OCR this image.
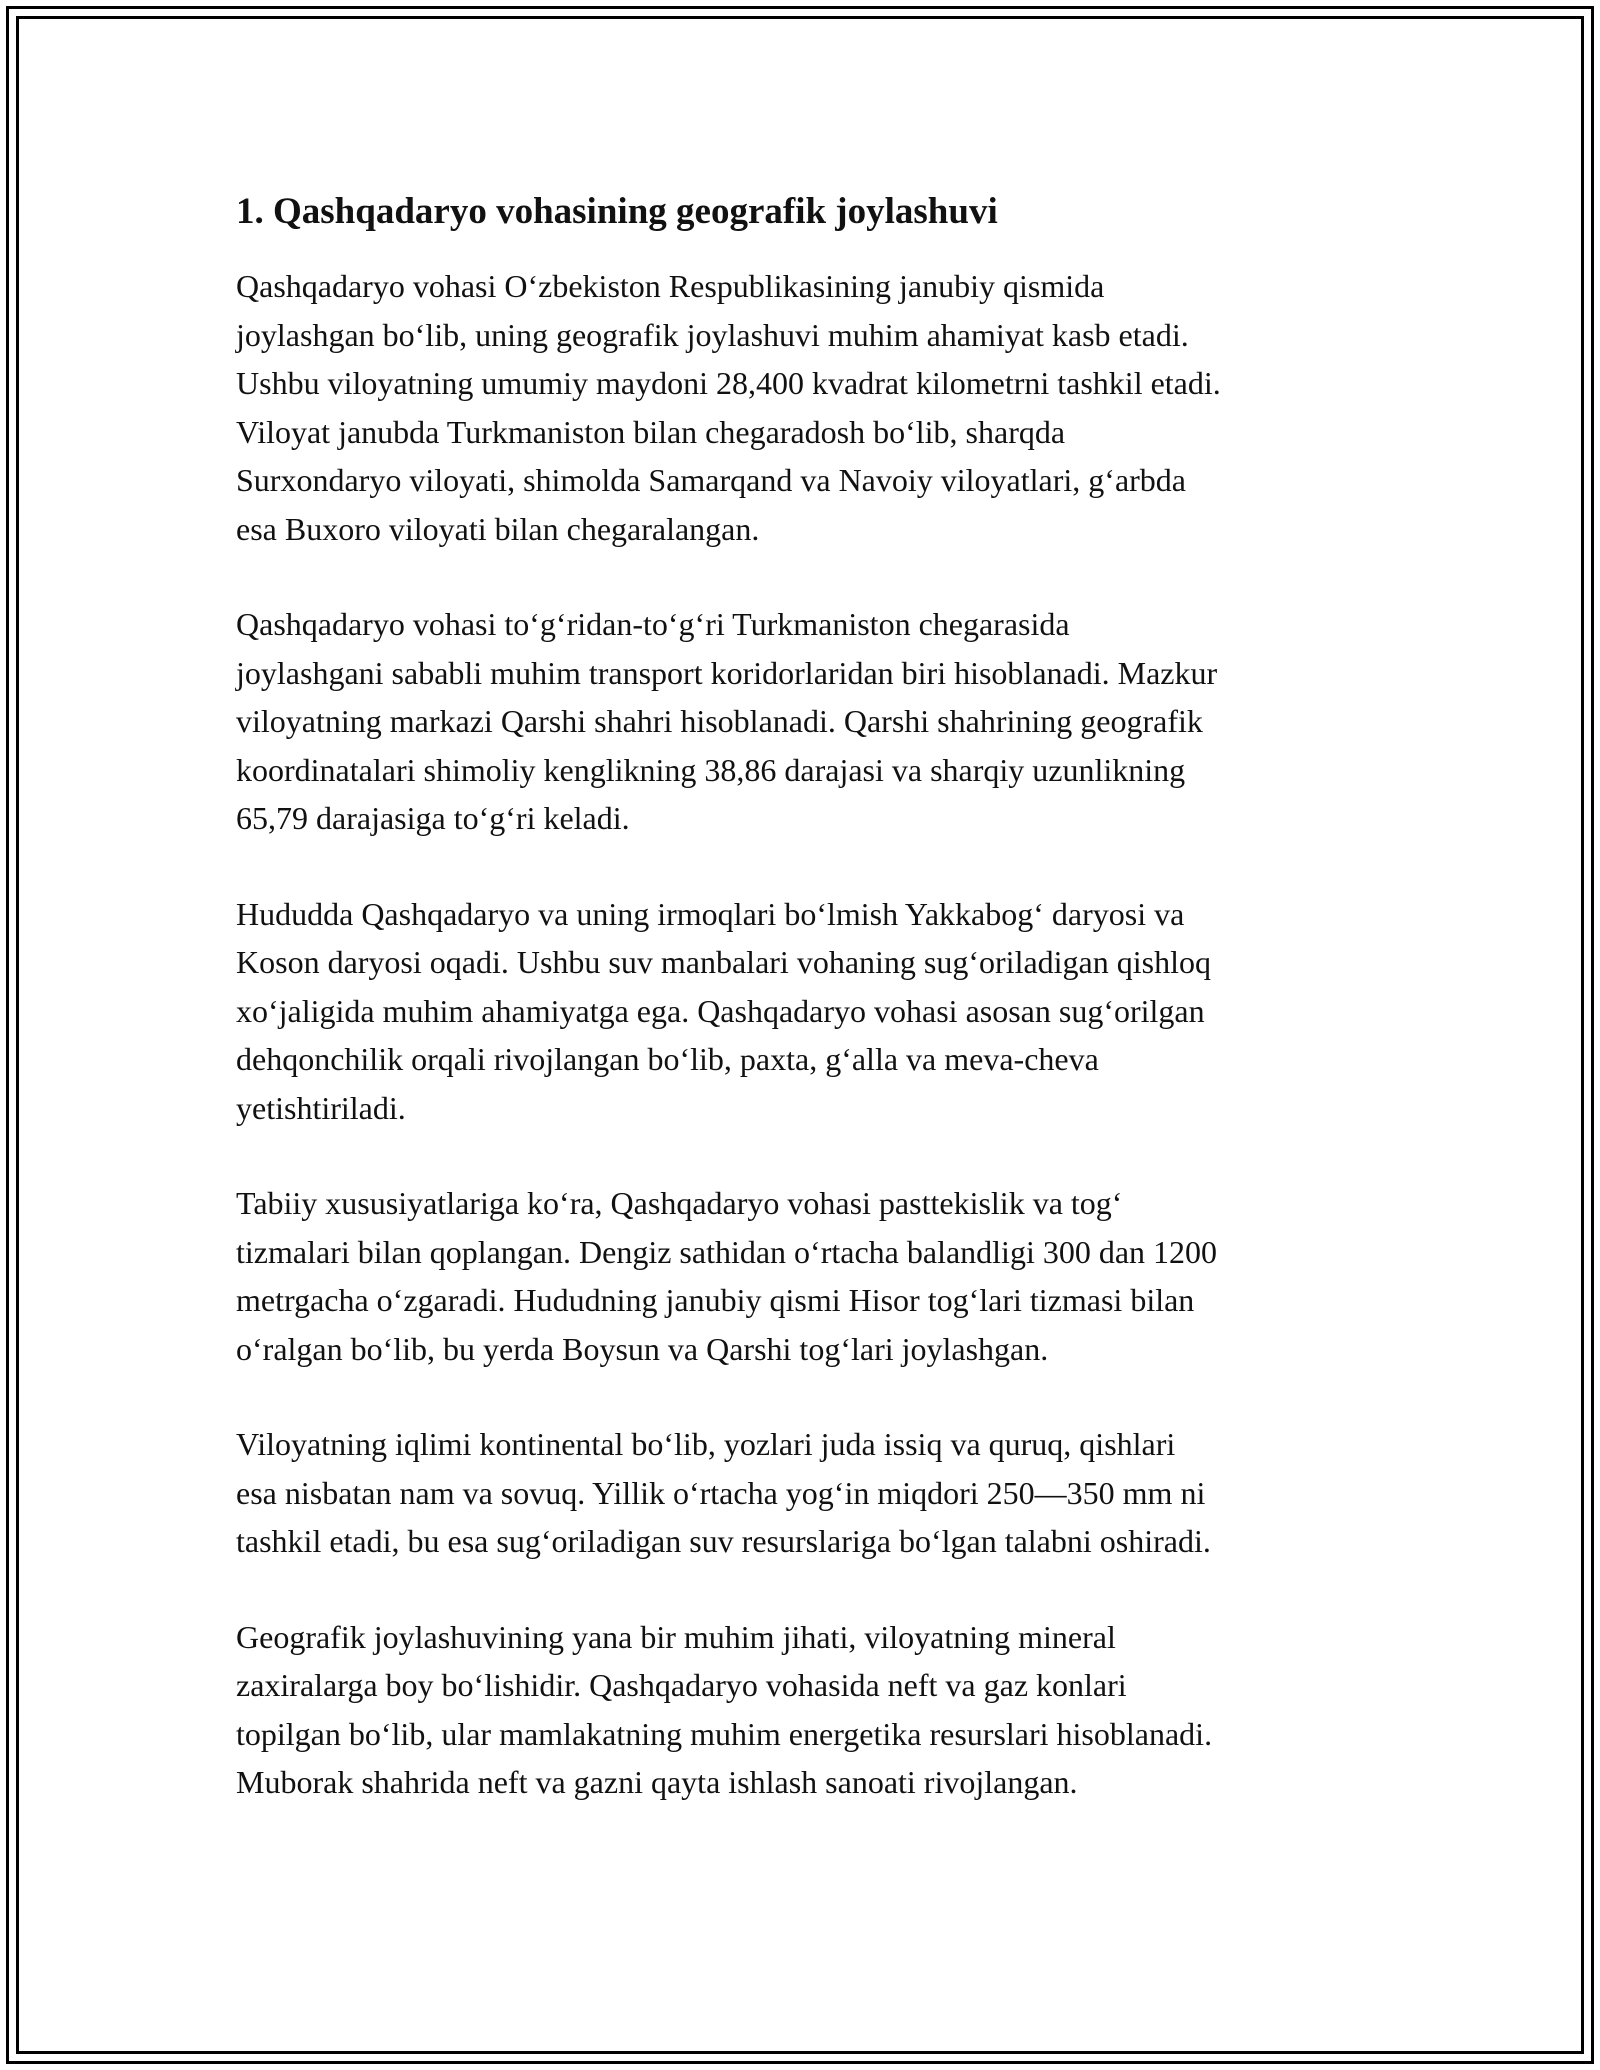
1. Qashqadaryo vohasining geografik joylashuvi

Qashqadaryo vohasi O‘zbekiston Respublikasining janubiy qismida
joylashgan bo‘lib, uning geografik joylashuvi muhim ahamiyat kasb etadi.
Ushbu viloyatning umumiy maydoni 28,400 kvadrat kilometrni tashkil etadi.
Viloyat janubda Turkmaniston bilan chegaradosh bo‘lib, sharqda
Surxondaryo viloyati, shimolda Samarqand va Navoiy viloyatlari, g‘arbda
esa Buxoro viloyati bilan chegaralangan.

Qashqadaryo vohasi to‘g‘ridan-to‘g‘ri Turkmaniston chegarasida
joylashgani sababli muhim transport koridorlaridan biri hisoblanadi. Mazkur
viloyatning markazi Qarshi shahri hisoblanadi. Qarshi shahrining geografik
koordinatalari shimoliy kenglikning 38,86 darajasi va sharqiy uzunlikning
65,79 darajasiga to‘g‘ri keladi.

Hududda Qashqadaryo va uning irmoqlari bo‘lmish Yakkabog‘ daryosi va
Koson daryosi oqadi. Ushbu suv manbalari vohaning sug‘oriladigan qishloq
xo‘jaligida muhim ahamiyatga ega. Qashqadaryo vohasi asosan sug‘orilgan
dehqonchilik orqali rivojlangan bo‘lib, paxta, g‘alla va meva-cheva
yetishtiriladi.

Tabiiy xususiyatlariga ko‘ra, Qashqadaryo vohasi pasttekislik va tog‘
tizmalari bilan qoplangan. Dengiz sathidan o‘rtacha balandligi 300 dan 1200
metrgacha o‘zgaradi. Hududning janubiy qismi Hisor tog‘lari tizmasi bilan
o‘ralgan bo‘lib, bu yerda Boysun va Qarshi tog‘lari joylashgan.

Viloyatning iqlimi kontinental bo‘lib, yozlari juda issiq va quruq, qishlari
esa nisbatan nam va sovuq. Yillik o‘rtacha yog‘in miqdori 250—350 mm ni
tashkil etadi, bu esa sug‘oriladigan suv resurslariga bo‘lgan talabni oshiradi.

Geografik joylashuvining yana bir muhim jihati, viloyatning mineral
zaxiralarga boy bo‘lishidir. Qashqadaryo vohasida neft va gaz konlari
topilgan bo‘lib, ular mamlakatning muhim energetika resurslari hisoblanadi.
Muborak shahrida neft va gazni qayta ishlash sanoati rivojlangan.
